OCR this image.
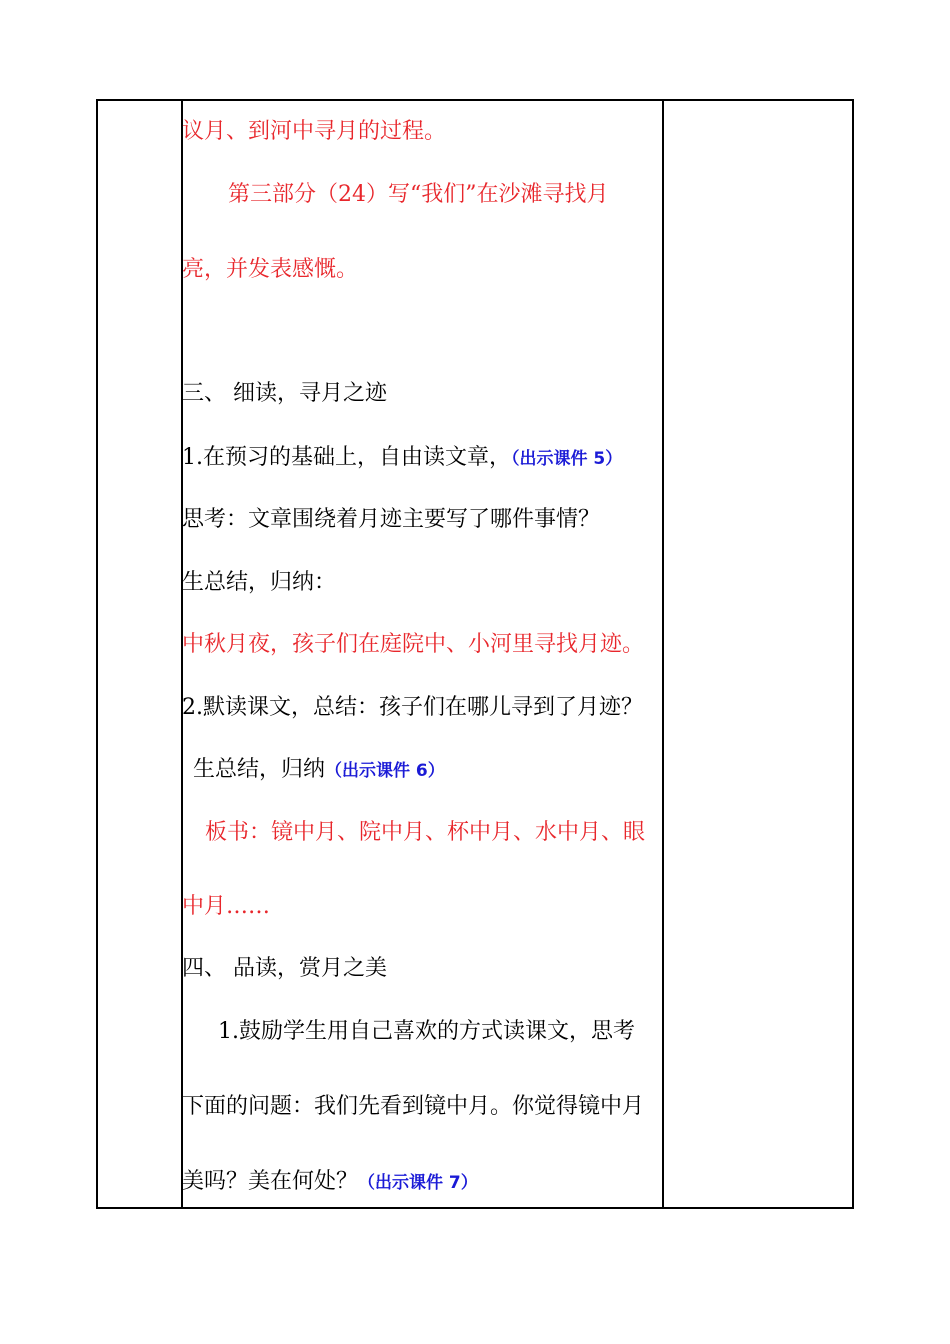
议月、到河中寻月的过程。
第三部分（24）写“我们”在沙滩寻找月
亮，并发表感慨。
三、 细读，寻月之迹
1.在预习的基础上，自由读文章，（出示课件 5）
思考：文章围绕着月迹主要写了哪件事情？
生总结，归纳：
中秋月夜，孩子们在庭院中、小河里寻找月迹。
2.默读课文，总结：孩子们在哪儿寻到了月迹？
生总结，归纳（出示课件 6）
板书：镜中月、院中月、杯中月、水中月、眼
中月……
四、 品读，赏月之美
1.鼓励学生用自己喜欢的方式读课文，思考
下面的问题：我们先看到镜中月。你觉得镜中月
美吗？美在何处？（出示课件 7）
